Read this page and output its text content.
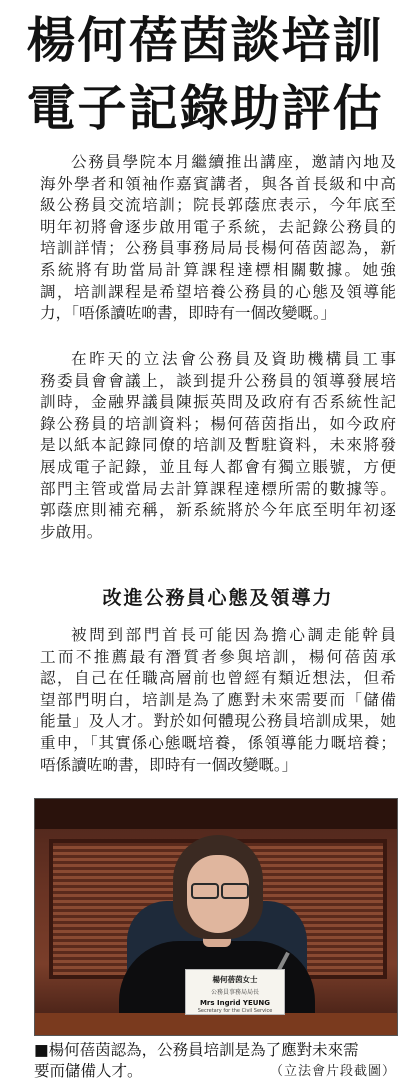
楊何蓓茵談培訓
電子記錄助評估
公務員學院本月繼續推出講座，邀請內地及
海外學者和領袖作嘉賓講者，與各首長級和中高
級公務員交流培訓；院長郭蔭庶表示，今年底至
明年初將會逐步啟用電子系統，去記錄公務員的
培訓詳情；公務員事務局局長楊何蓓茵認為，新
系統將有助當局計算課程達標相關數據。她強
調，培訓課程是希望培養公務員的心態及領導能
力，「唔係讀咗啲書，即時有一個改變嘅。」
在昨天的立法會公務員及資助機構員工事
務委員會會議上，談到提升公務員的領導發展培
訓時，金融界議員陳振英問及政府有否系統性記
錄公務員的培訓資料；楊何蓓茵指出，如今政府
是以紙本記錄同僚的培訓及暫駐資料，未來將發
展成電子記錄，並且每人都會有獨立賬號，方便
部門主管或當局去計算課程達標所需的數據等。
郭蔭庶則補充稱，新系統將於今年底至明年初逐
步啟用。
改進公務員心態及領導力
被問到部門首長可能因為擔心調走能幹員
工而不推薦最有潛質者參與培訓，楊何蓓茵承
認，自己在任職高層前也曾經有類近想法，但希
望部門明白，培訓是為了應對未來需要而「儲備
能量」及人才。對於如何體現公務員培訓成果，她
重申，「其實係心態嘅培養，係領導能力嘅培養；
唔係讀咗啲書，即時有一個改變嘅。」
楊何蓓茵女士
公務員事務局局長
Mrs Ingrid YEUNG
Secretary for the Civil Service
■楊何蓓茵認為，公務員培訓是為了應對未來需
要而儲備人才。	（立法會片段截圖）
